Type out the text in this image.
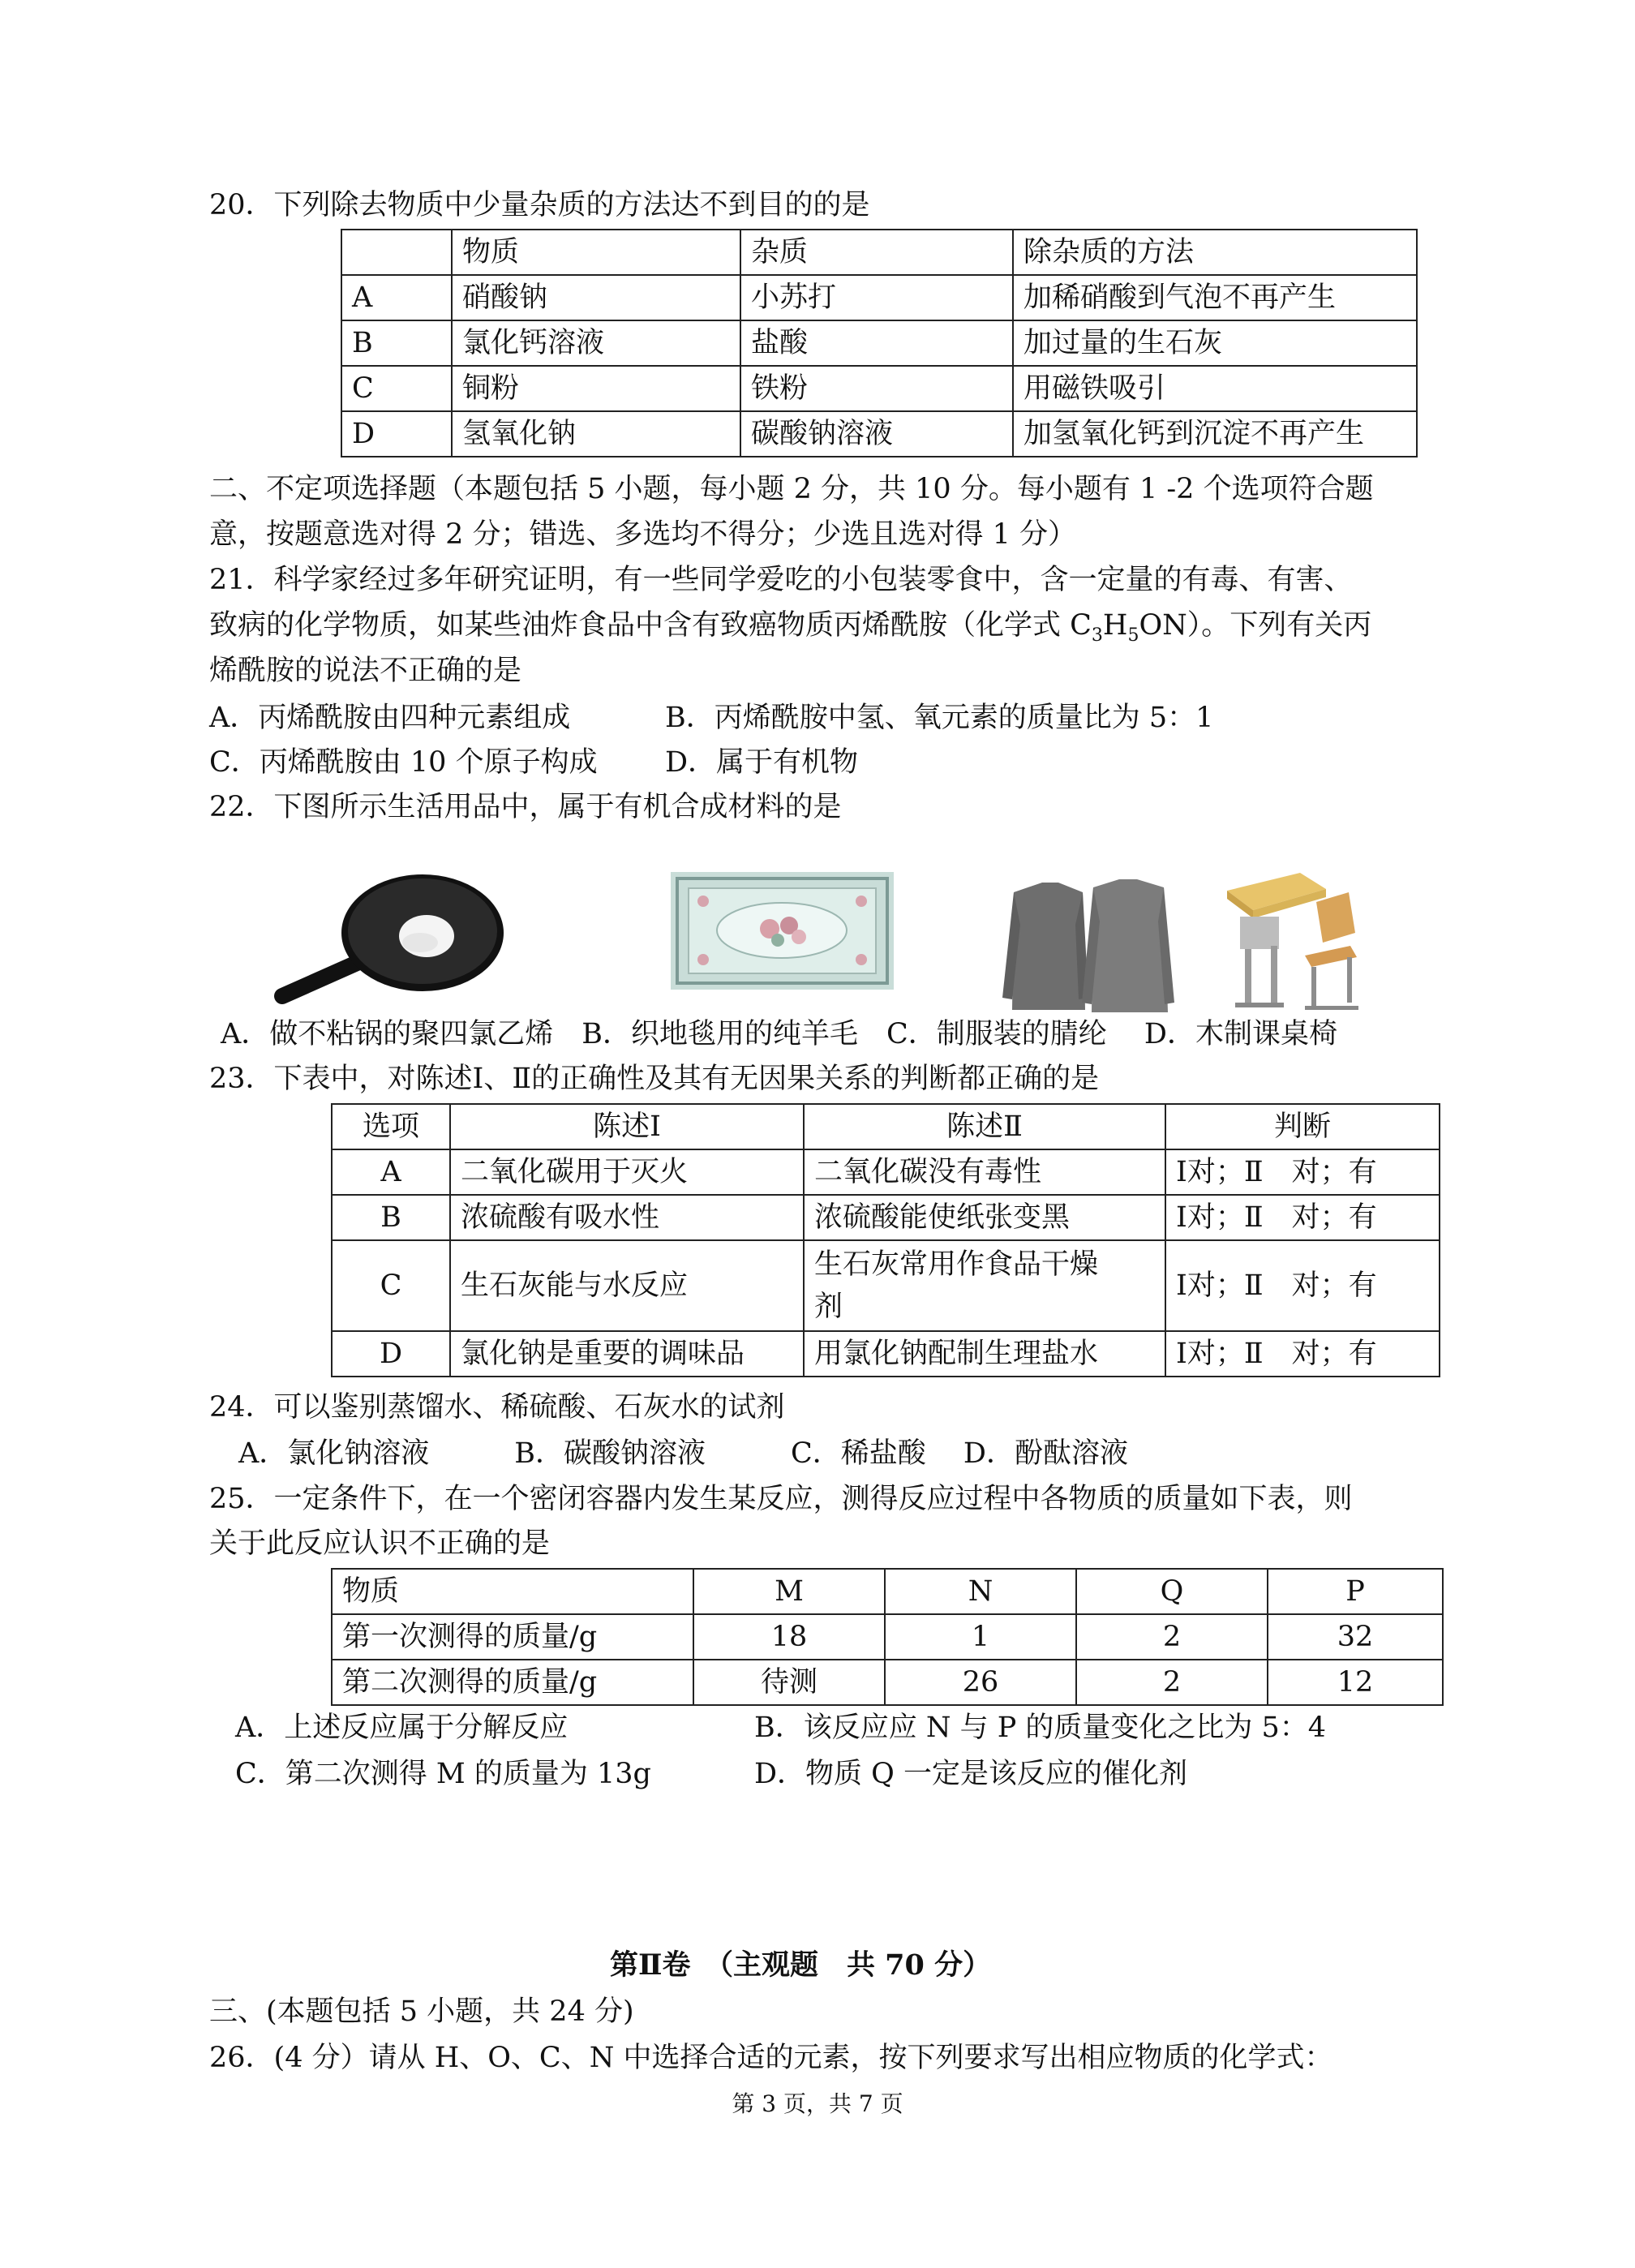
20．下列除去物质中少量杂质的方法达不到目的的是
	物质	杂质	除杂质的方法
A	硝酸钠	小苏打	加稀硝酸到气泡不再产生
B	氯化钙溶液	盐酸	加过量的生石灰
C	铜粉	铁粉	用磁铁吸引
D	氢氧化钠	碳酸钠溶液	加氢氧化钙到沉淀不再产生
二、不定项选择题（本题包括 5 小题，每小题 2 分，共 10 分。每小题有 1 -2 个选项符合题
意，按题意选对得 2 分；错选、多选均不得分；少选且选对得 1 分）
21．科学家经过多年研究证明，有一些同学爱吃的小包装零食中，含一定量的有毒、有害、
致病的化学物质，如某些油炸食品中含有致癌物质丙烯酰胺（化学式 $C_3H_5ON$）。下列有关丙
烯酰胺的说法不正确的是
A．丙烯酰胺由四种元素组成	B．丙烯酰胺中氢、氧元素的质量比为 5：1
C．丙烯酰胺由 10 个原子构成 D．属于有机物
22．下图所示生活用品中，属于有机合成材料的是
A．做不粘锅的聚四氯乙烯　B．织地毯用的纯羊毛　C．制服装的腈纶　 D．木制课桌椅
23．下表中，对陈述Ⅰ、Ⅱ的正确性及其有无因果关系的判断都正确的是
选项	陈述Ⅰ	陈述Ⅱ	判断
A	二氧化碳用于灭火	二氧化碳没有毒性	Ⅰ对；Ⅱ　对；有
B	浓硫酸有吸水性	浓硫酸能使纸张变黑	Ⅰ对；Ⅱ　对；有
C	生石灰能与水反应	生石灰常用作食品干燥
剂	Ⅰ对；Ⅱ　对；有
D	氯化钠是重要的调味品	用氯化钠配制生理盐水	Ⅰ对；Ⅱ　对；有
24．可以鉴别蒸馏水、稀硫酸、石灰水的试剂
A．氯化钠溶液　　　B．碳酸钠溶液　　　C．稀盐酸　 D．酚酞溶液
25．一定条件下，在一个密闭容器内发生某反应，测得反应过程中各物质的质量如下表，则
关于此反应认识不正确的是
物质	M	N	Q	P
第一次测得的质量/g	18	1	2	32
第二次测得的质量/g	待测	26	2	12
A．上述反应属于分解反应	B．该反应应 N 与 P 的质量变化之比为 5：4
C．第二次测得 M 的质量为 13g	D．物质 Q 一定是该反应的催化剂
第Ⅱ卷　（主观题　共 70 分）
三、(本题包括 5 小题，共 24 分)
26．(4 分）请从 H、O、C、N 中选择合适的元素，按下列要求写出相应物质的化学式：
第 3 页，共 7 页
